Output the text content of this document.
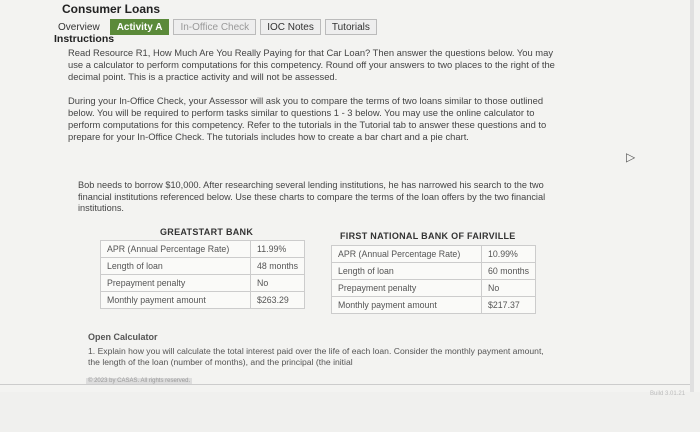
Consumer Loans
Overview	Activity A	In-Office Check	IOC Notes	Tutorials
Instructions

Read Resource R1, How Much Are You Really Paying for that Car Loan? Then answer the questions below. You may use a calculator to perform computations for this competency. Round off your answers to two places to the right of the decimal point. This is a practice activity and will not be assessed.

During your In-Office Check, your Assessor will ask you to compare the terms of two loans similar to those outlined below. You will be required to perform tasks similar to questions 1 - 3 below. You may use the online calculator to perform computations for this competency. Refer to the tutorials in the Tutorial tab to answer these questions and to prepare for your In-Office Check. The tutorials includes how to create a bar chart and a pie chart.

Bob needs to borrow $10,000. After researching several lending institutions, he has narrowed his search to the two financial institutions referenced below. Use these charts to compare the terms of the loan offers by the two financial institutions.

GREATSTART BANK
APR (Annual Percentage Rate)	11.99%
Length of loan	48 months
Prepayment penalty	No
Monthly payment amount	$263.29
FIRST NATIONAL BANK OF FAIRVILLE
APR (Annual Percentage Rate)	10.99%
Length of loan	60 months
Prepayment penalty	No
Monthly payment amount	$217.37
Open Calculator
1. Explain how you will calculate the total interest paid over the life of each loan. Consider the monthly payment amount, the length of the loan (number of months), and the principal (the initial
© 2023 by CASAS. All rights reserved.
Build 3.01.21
▷
